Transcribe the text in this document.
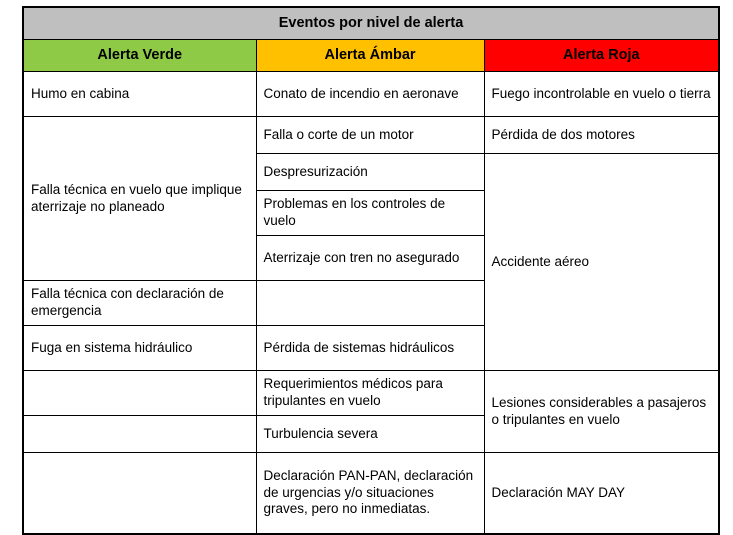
Eventos por nivel de alerta		
Alerta Verde	Alerta Ámbar	Alerta Roja
Humo en cabina	Conato de incendio en aeronave	Fuego incontrolable en vuelo o tierra
Falla técnica en vuelo que implique aterrizaje no planeado	Falla o corte de un motor	Pérdida de dos motores
	Despresurización	Accidente aéreo
	Problemas en los controles de vuelo	
	Aterrizaje con tren no asegurado	
Falla técnica con declaración de emergencia		
Fuga en sistema hidráulico	Pérdida de sistemas hidráulicos	
	Requerimientos médicos para tripulantes en vuelo	Lesiones considerables a pasajeros o tripulantes en vuelo
	Turbulencia severa	
	Declaración PAN-PAN, declaración de urgencias y/o situaciones graves, pero no inmediatas.	Declaración MAY DAY
